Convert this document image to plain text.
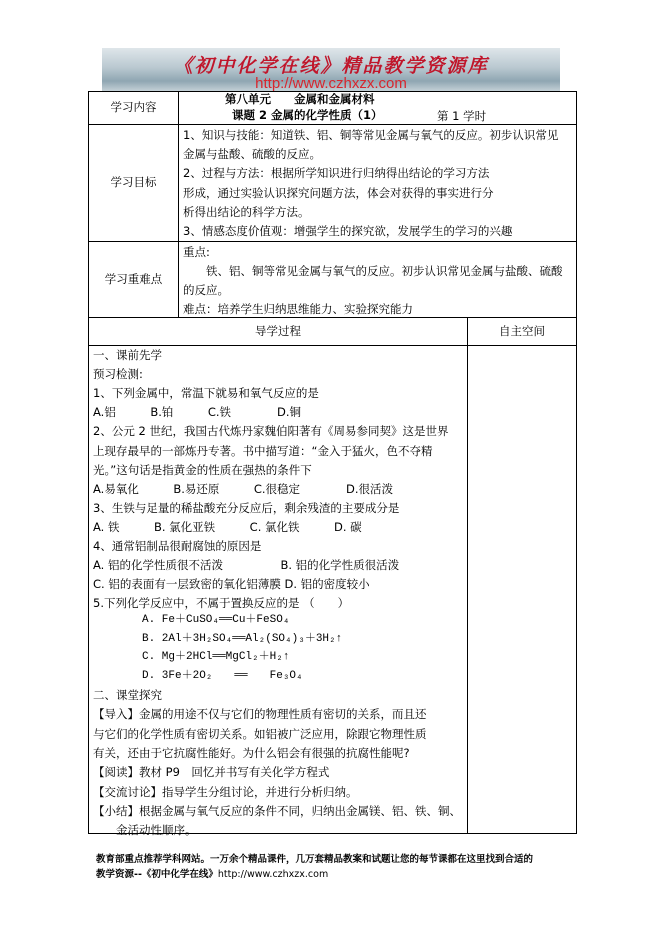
《初中化学在线》精品教学资源库
http://www.czhxzx.com
学习内容
第八单元　　金属和金属材料
课题 2 金属的化学性质（1）	第 1 学时
学习目标
1、知识与技能：知道铁、铝、铜等常见金属与氧气的反应。初步认识常见
金属与盐酸、硫酸的反应。
2、过程与方法：根据所学知识进行归纳得出结论的学习方法
形成，通过实验认识探究问题方法，体会对获得的事实进行分
析得出结论的科学方法。
3、情感态度价值观：增强学生的探究欲，发展学生的学习的兴趣
学习重难点
重点:
　　铁、铝、铜等常见金属与氧气的反应。初步认识常见金属与盐酸、硫酸
的反应。
难点：培养学生归纳思维能力、实验探究能力
导学过程	自主空间
一、课前先学
预习检测:
1、下列金属中，常温下就易和氧气反应的是
A.铝　　　B.铂　　　C.铁　　　　D.铜
2、公元 2 世纪，我国古代炼丹家魏伯阳著有《周易参同契》这是世界
上现存最早的一部炼丹专著。书中描写道：“金入于猛火，色不夺精
光。”这句话是指黄金的性质在强热的条件下
A.易氧化　　　B.易还原　　　C.很稳定　　　　D.很活泼
3、生铁与足量的稀盐酸充分反应后，剩余残渣的主要成分是
A. 铁　　　B. 氯化亚铁　　　C. 氯化铁　　　D. 碳
4、通常铝制品很耐腐蚀的原因是
A. 铝的化学性质很不活泼　　　　　B. 铝的化学性质很活泼
C. 铝的表面有一层致密的氧化铝薄膜 D. 铝的密度较小
5.下列化学反应中，不属于置换反应的是 （　　）
A. Fe＋CuSO₄══Cu＋FeSO₄
B. 2Al＋3H₂SO₄══Al₂(SO₄)₃＋3H₂↑
C. Mg＋2HCl══MgCl₂＋H₂↑
D. 3Fe＋2O₂　　══　　Fe₃O₄
二、课堂探究
【导入】金属的用途不仅与它们的物理性质有密切的关系，而且还
与它们的化学性质有密切关系。如铝被广泛应用，除跟它物理性质
有关，还由于它抗腐性能好。为什么铝会有很强的抗腐性能呢?
【阅读】教材 P9　回忆并书写有关化学方程式
【交流讨论】指导学生分组讨论，并进行分析归纳。
【小结】根据金属与氧气反应的条件不同，归纳出金属镁、铝、铁、铜、
　　金活动性顺序。
教育部重点推荐学科网站。一万余个精品课件，几万套精品教案和试题让您的每节课都在这里找到合适的
教学资源--《初中化学在线》http://www.czhxzx.com
